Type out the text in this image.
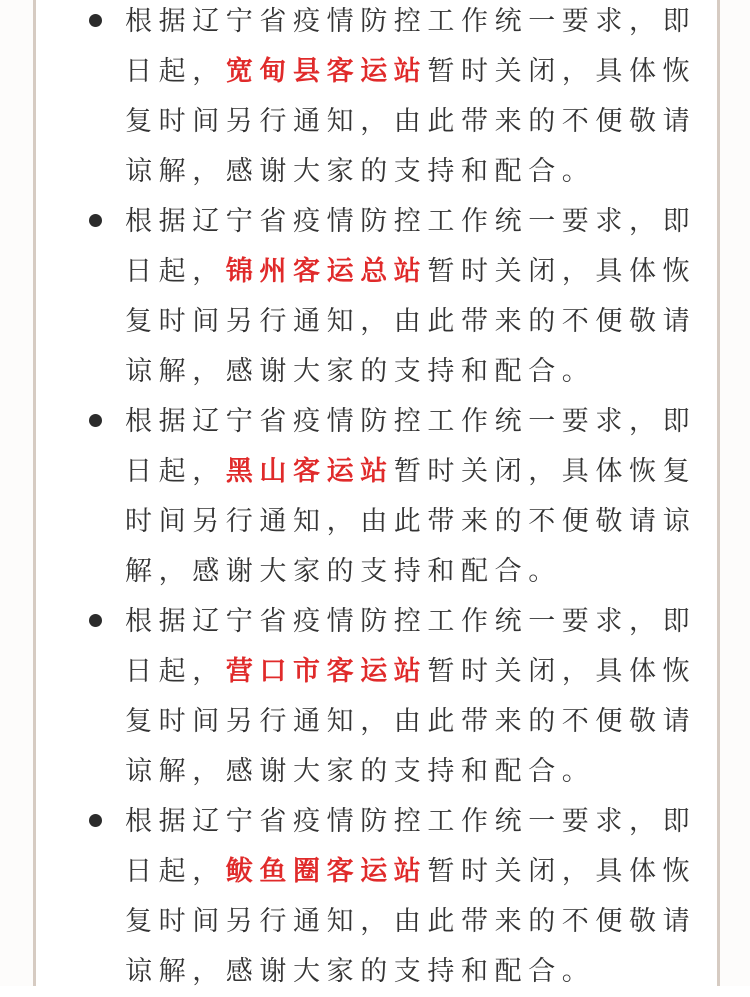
根据辽宁省疫情防控工作统一要求，即日起，宽甸县客运站暂时关闭，具体恢复时间另行通知，由此带来的不便敬请谅解，感谢大家的支持和配合。
根据辽宁省疫情防控工作统一要求，即日起，锦州客运总站暂时关闭，具体恢复时间另行通知，由此带来的不便敬请谅解，感谢大家的支持和配合。
根据辽宁省疫情防控工作统一要求，即日起，黑山客运站暂时关闭，具体恢复时间另行通知，由此带来的不便敬请谅解，感谢大家的支持和配合。
根据辽宁省疫情防控工作统一要求，即日起，营口市客运站暂时关闭，具体恢复时间另行通知，由此带来的不便敬请谅解，感谢大家的支持和配合。
根据辽宁省疫情防控工作统一要求，即日起，鲅鱼圈客运站暂时关闭，具体恢复时间另行通知，由此带来的不便敬请谅解，感谢大家的支持和配合。
